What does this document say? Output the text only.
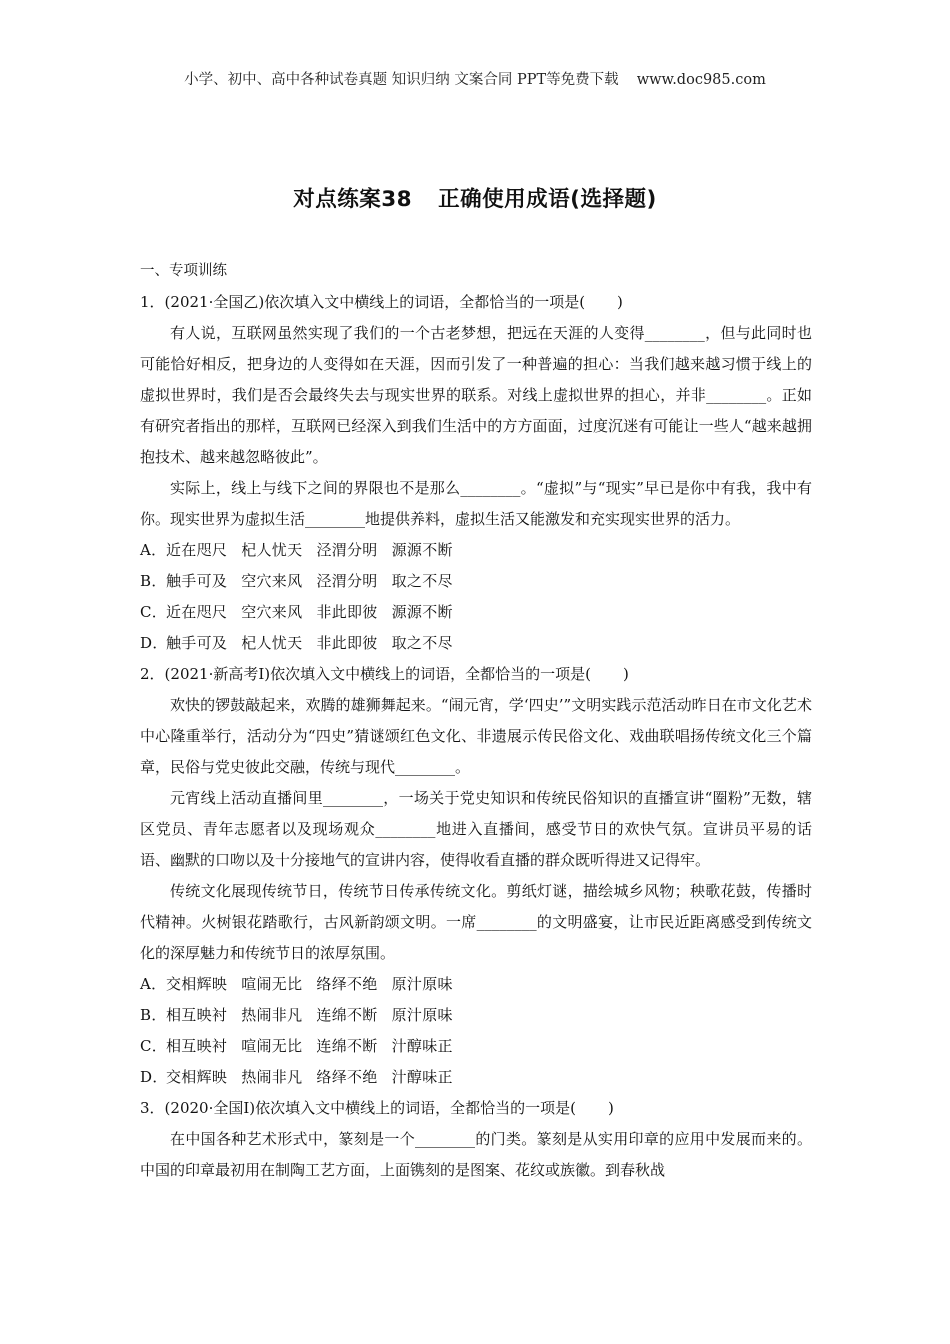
小学、初中、高中各种试卷真题 知识归纳 文案合同 PPT等免费下载 www.doc985.com
对点练案38 正确使用成语(选择题)
一、专项训练
1．(2021·全国乙)依次填入文中横线上的词语，全都恰当的一项是( )

有人说，互联网虽然实现了我们的一个古老梦想，把远在天涯的人变得________，但与此同时也可能恰好相反，把身边的人变得如在天涯，因而引发了一种普遍的担心：当我们越来越习惯于线上的虚拟世界时，我们是否会最终失去与现实世界的联系。对线上虚拟世界的担心，并非________。正如有研究者指出的那样，互联网已经深入到我们生活中的方方面面，过度沉迷有可能让一些人“越来越拥抱技术、越来越忽略彼此”。

实际上，线上与线下之间的界限也不是那么________。“虚拟”与“现实”早已是你中有我，我中有你。现实世界为虚拟生活________地提供养料，虚拟生活又能激发和充实现实世界的活力。

A．近在咫尺 杞人忧天 泾渭分明 源源不断
B．触手可及 空穴来风 泾渭分明 取之不尽
C．近在咫尺 空穴来风 非此即彼 源源不断
D．触手可及 杞人忧天 非此即彼 取之不尽
2．(2021·新高考Ⅰ)依次填入文中横线上的词语，全都恰当的一项是( )

欢快的锣鼓敲起来，欢腾的雄狮舞起来。“闹元宵，学‘四史’”文明实践示范活动昨日在市文化艺术中心隆重举行，活动分为“四史”猜谜颂红色文化、非遗展示传民俗文化、戏曲联唱扬传统文化三个篇章，民俗与党史彼此交融，传统与现代________。

元宵线上活动直播间里________，一场关于党史知识和传统民俗知识的直播宣讲“圈粉”无数，辖区党员、青年志愿者以及现场观众________地进入直播间，感受节日的欢快气氛。宣讲员平易的话语、幽默的口吻以及十分接地气的宣讲内容，使得收看直播的群众既听得进又记得牢。

传统文化展现传统节日，传统节日传承传统文化。剪纸灯谜，描绘城乡风物；秧歌花鼓，传播时代精神。火树银花踏歌行，古风新韵颂文明。一席________的文明盛宴，让市民近距离感受到传统文化的深厚魅力和传统节日的浓厚氛围。

A．交相辉映 喧闹无比 络绎不绝 原汁原味
B．相互映衬 热闹非凡 连绵不断 原汁原味
C．相互映衬 喧闹无比 连绵不断 汁醇味正
D．交相辉映 热闹非凡 络绎不绝 汁醇味正
3．(2020·全国Ⅰ)依次填入文中横线上的词语，全都恰当的一项是( )

在中国各种艺术形式中，篆刻是一个________的门类。篆刻是从实用印章的应用中发展而来的。中国的印章最初用在制陶工艺方面，上面镌刻的是图案、花纹或族徽。到春秋战
